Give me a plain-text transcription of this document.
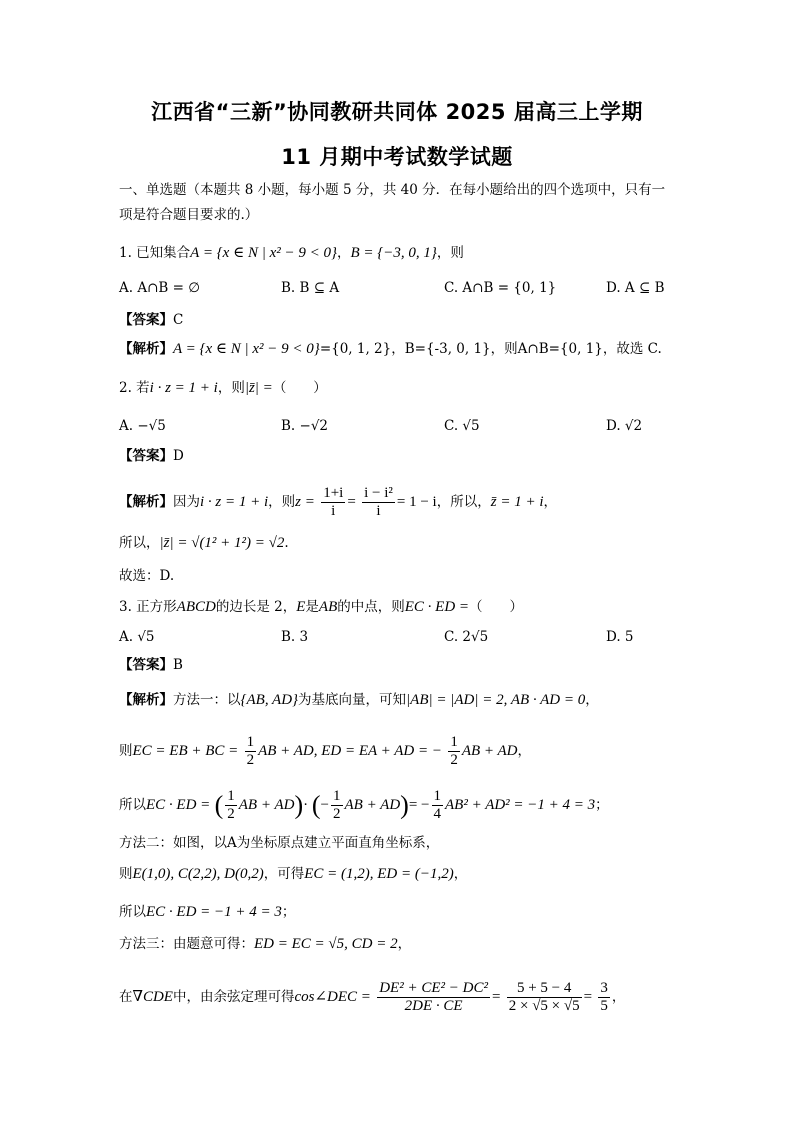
江西省“三新”协同教研共同体 2025 届高三上学期
11 月期中考试数学试题
一、单选题（本题共 8 小题，每小题 5 分，共 40 分．在每小题给出的四个选项中，只有一
项是符合题目要求的.）
1. 已知集合A = {x ∈ N | x² − 9 < 0}，B = {−3, 0, 1}，则
A. A∩B = ∅	B. B ⊆ A	C. A∩B = {0, 1}	D. A ⊆ B
【答案】C
【解析】A = {x ∈ N | x² − 9 < 0}={0, 1, 2}，B={-3, 0, 1}，则A∩B={0, 1}，故选 C.
2. 若i · z = 1 + i，则|z̄| =（　　）
A. −√5	B. −√2	C. √5	D. √2
【答案】D
【解析】因为i · z = 1 + i，则$z = \frac{1+i}{i} = \frac{\text{i − i²}}{i} = 1 - i$，所以，z̄ = 1 + i，
所以，|z̄| = √(1² + 1²) = √2.
故选：D.
3. 正方形ABCD的边长是 2，E是AB的中点，则EC · ED =（　　）
A. √5	B. 3	C. 2√5	D. 5
【答案】B
【解析】方法一：以{AB, AD}为基底向量，可知|AB| = |AD| = 2, AB · AD = 0，
则EC = EB + BC = $\frac{1}{2}$ AB + AD, ED = EA + AD = − $\frac{1}{2}$ AB + AD，
所以EC · ED = ( $\frac{1}{2}$ AB + AD)· (− $\frac{1}{2}$ AB + $AD)= - \frac{1}{4} AB^2 + AD^2 = -1 + 4 = 3$；
方法二：如图，以A为坐标原点建立平面直角坐标系，
则E(1,0), C(2,2), D(0,2)，可得EC = (1,2), ED = (−1,2)，
所以EC · ED = −1 + 4 = 3；
方法三：由题意可得：ED = EC = √5, CD = 2，
在∇CDE中，由余弦定理可得cos∠DEC = $\frac{\text{DE² + CE² − DC²}}{2DE \cdot CE} = \frac{5 + 5 - 4}{2 \times √5 \times √5} = \frac{3}{5}$ ，
